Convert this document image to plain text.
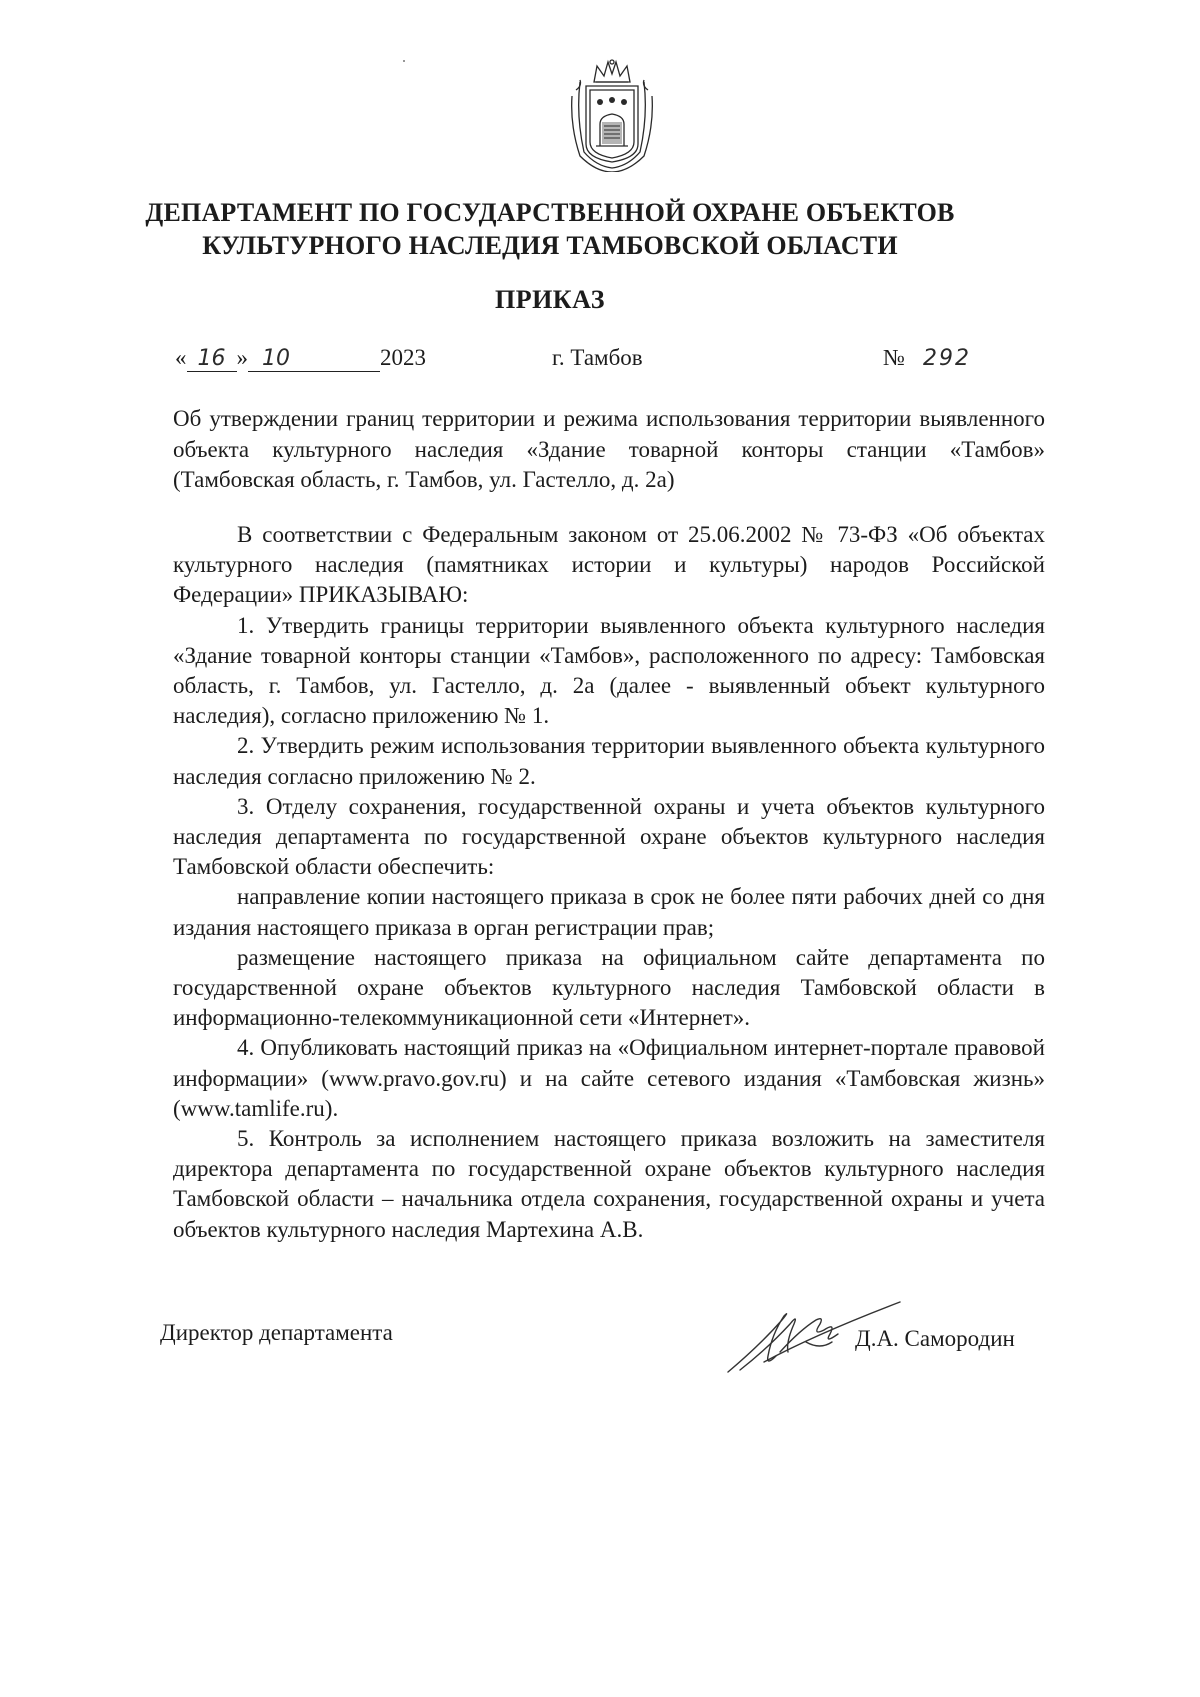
ДЕПАРТАМЕНТ ПО ГОСУДАРСТВЕННОЙ ОХРАНЕ ОБЪЕКТОВ
КУЛЬТУРНОГО НАСЛЕДИЯ ТАМБОВСКОЙ ОБЛАСТИ
ПРИКАЗ
« 16 » 10	2023	г. Тамбов	№ 292
Об утверждении границ территории и режима использования территории выявленного объекта культурного наследия «Здание товарной конторы станции «Тамбов» (Тамбовская область, г. Тамбов, ул. Гастелло, д. 2а)

В соответствии с Федеральным законом от 25.06.2002 № 73-ФЗ «Об объектах культурного наследия (памятниках истории и культуры) народов Российской Федерации» ПРИКАЗЫВАЮ:

1. Утвердить границы территории выявленного объекта культурного наследия «Здание товарной конторы станции «Тамбов», расположенного по адресу: Тамбовская область, г. Тамбов, ул. Гастелло, д. 2а (далее - выявленный объект культурного наследия), согласно приложению № 1.

2. Утвердить режим использования территории выявленного объекта культурного наследия согласно приложению № 2.

3. Отделу сохранения, государственной охраны и учета объектов культурного наследия департамента по государственной охране объектов культурного наследия Тамбовской области обеспечить:

направление копии настоящего приказа в срок не более пяти рабочих дней со дня издания настоящего приказа в орган регистрации прав;

размещение настоящего приказа на официальном сайте департамента по государственной охране объектов культурного наследия Тамбовской области в информационно-телекоммуникационной сети «Интернет».

4. Опубликовать настоящий приказ на «Официальном интернет-портале правовой информации» (www.pravo.gov.ru) и на сайте сетевого издания «Тамбовская жизнь» (www.tamlife.ru).

5. Контроль за исполнением настоящего приказа возложить на заместителя директора департамента по государственной охране объектов культурного наследия Тамбовской области – начальника отдела сохранения, государственной охраны и учета объектов культурного наследия Мартехина А.В.

Директор департамента	Д.А. Самородин
